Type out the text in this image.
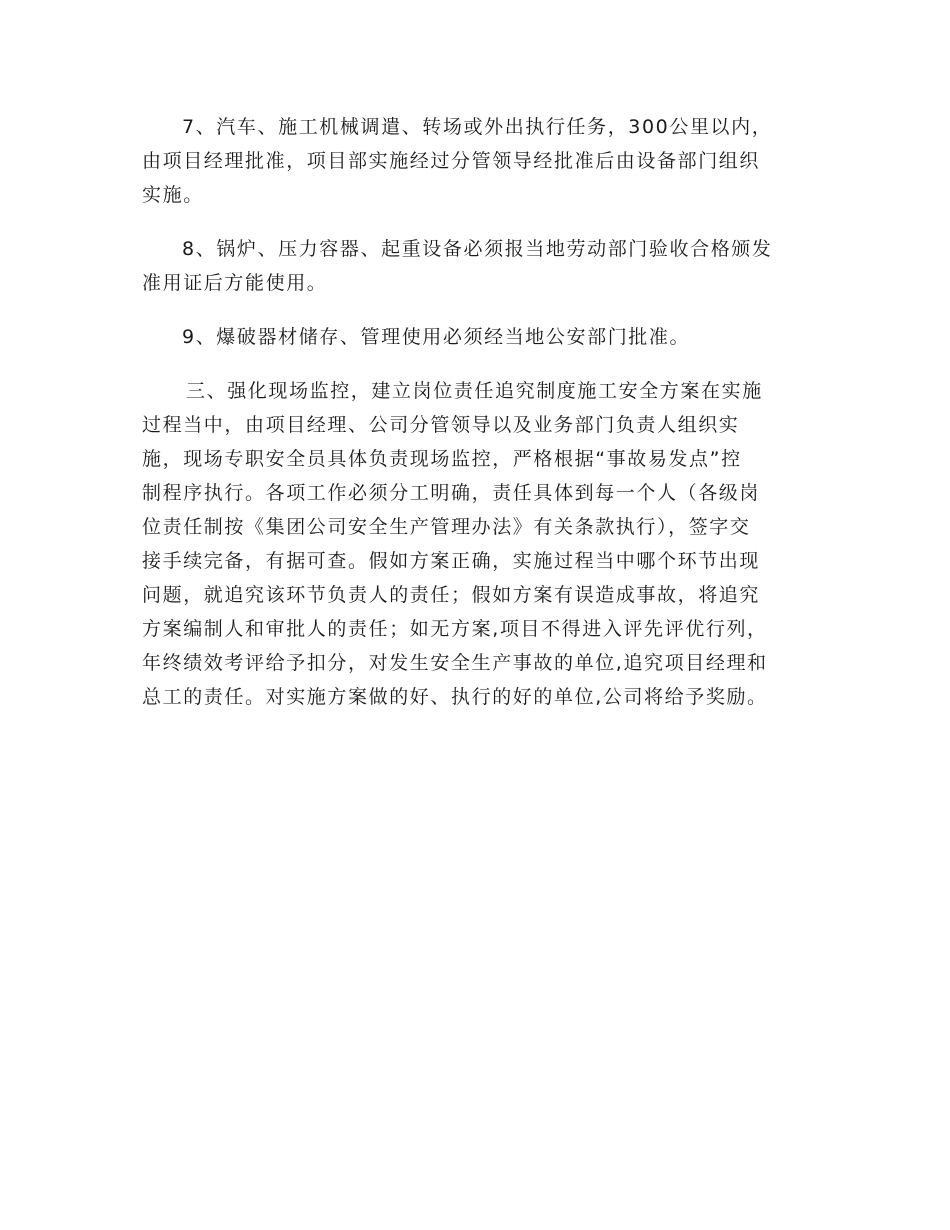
7、汽车、施工机械调遣、转场或外出执行任务，300公里以内，
由项目经理批准，项目部实施经过分管领导经批准后由设备部门组织
实施。
8、锅炉、压力容器、起重设备必须报当地劳动部门验收合格颁发
准用证后方能使用。
9、爆破器材储存、管理使用必须经当地公安部门批准。
三、强化现场监控，建立岗位责任追究制度施工安全方案在实施
过程当中，由项目经理、公司分管领导以及业务部门负责人组织实
施，现场专职安全员具体负责现场监控，严格根据“事故易发点”控
制程序执行。各项工作必须分工明确，责任具体到每一个人（各级岗
位责任制按《集团公司安全生产管理办法》有关条款执行），签字交
接手续完备，有据可查。假如方案正确，实施过程当中哪个环节出现
问题，就追究该环节负责人的责任；假如方案有误造成事故，将追究
方案编制人和审批人的责任；如无方案,项目不得进入评先评优行列，
年终绩效考评给予扣分，对发生安全生产事故的单位,追究项目经理和
总工的责任。对实施方案做的好、执行的好的单位,公司将给予奖励。
